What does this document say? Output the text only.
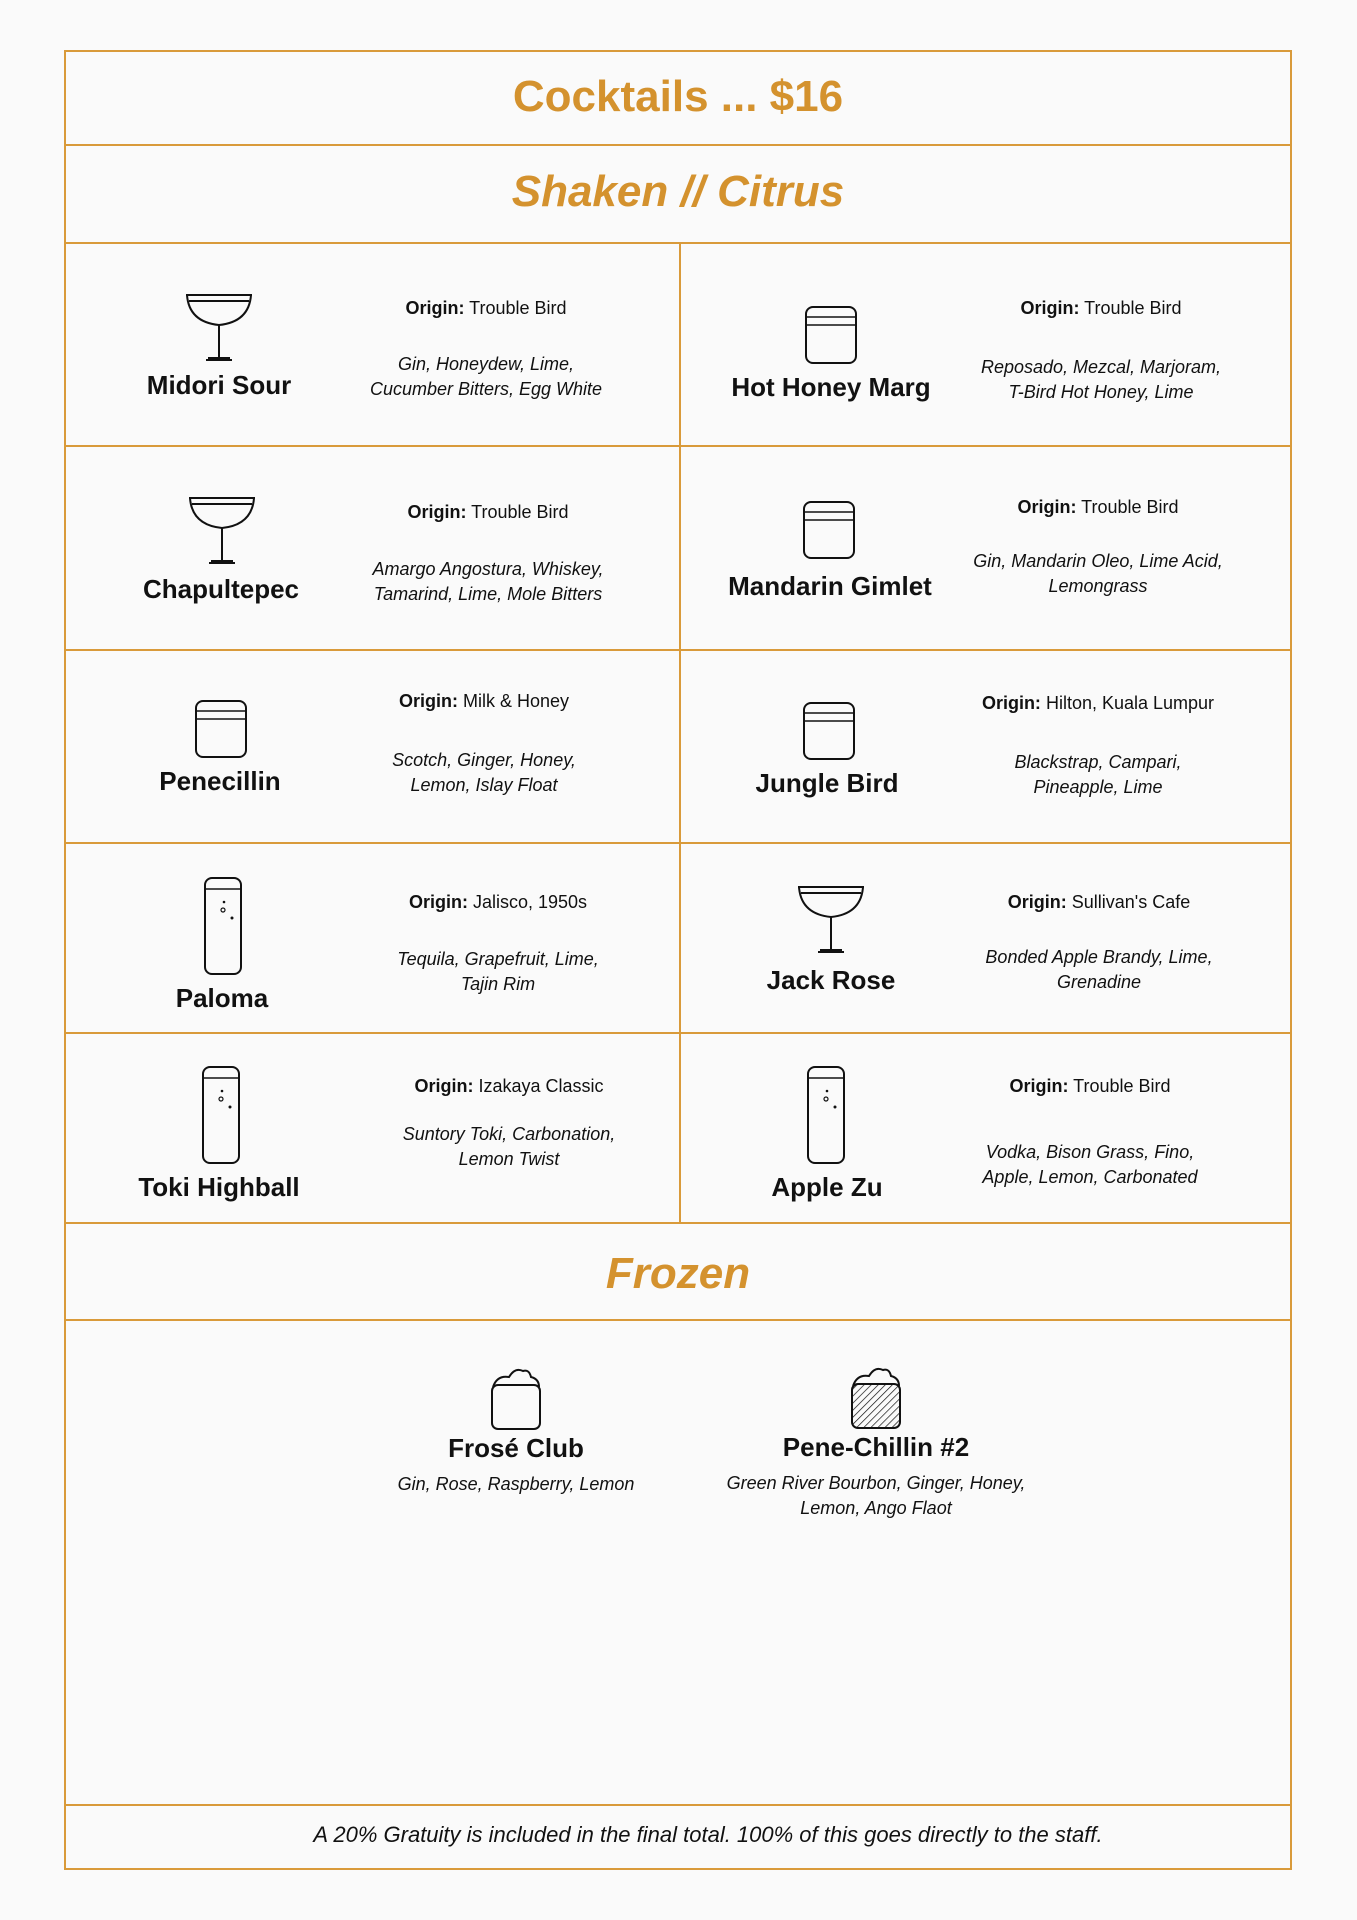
Cocktails ... $16
Shaken // Citrus
Midori Sour
Origin: Trouble Bird
Gin, Honeydew, Lime,
Cucumber Bitters, Egg White	Hot Honey Marg
Origin: Trouble Bird
Reposado, Mezcal, Marjoram,
T-Bird Hot Honey, Lime
Chapultepec
Origin: Trouble Bird
Amargo Angostura, Whiskey,
Tamarind, Lime, Mole Bitters	Mandarin Gimlet
Origin: Trouble Bird
Gin, Mandarin Oleo, Lime Acid,
Lemongrass
Penecillin
Origin: Milk & Honey
Scotch, Ginger, Honey,
Lemon, Islay Float	Jungle Bird
Origin: Hilton, Kuala Lumpur
Blackstrap, Campari,
Pineapple, Lime
Paloma
Origin: Jalisco, 1950s
Tequila, Grapefruit, Lime,
Tajin Rim	Jack Rose
Origin: Sullivan's Cafe
Bonded Apple Brandy, Lime,
Grenadine
Toki Highball
Origin: Izakaya Classic
Suntory Toki, Carbonation,
Lemon Twist
Apple Zu
Origin: Trouble Bird
Vodka, Bison Grass, Fino,
Apple, Lemon, Carbonated
Frozen
Frosé Club
Gin, Rose, Raspberry, Lemon
Pene-Chillin #2
Green River Bourbon, Ginger, Honey,
Lemon, Ango Flaot
A 20% Gratuity is included in the final total. 100% of this goes directly to the staff.
